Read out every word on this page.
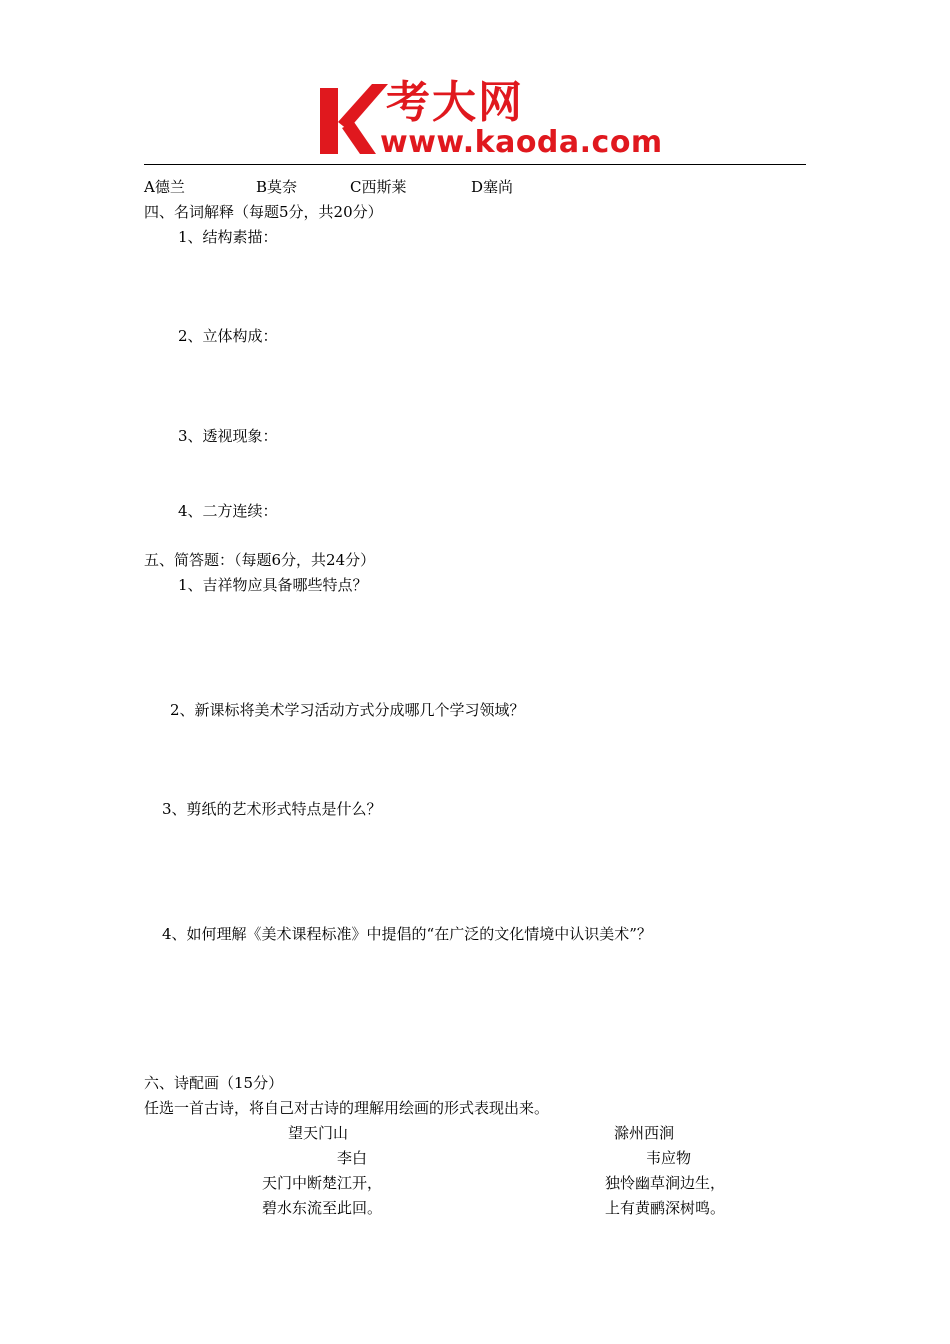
考大网
www.kaoda.com
A德兰	B莫奈	C西斯莱	D塞尚
四、名词解释（每题5分，共20分）
1、结构素描：
2、立体构成：
3、透视现象：
4、二方连续：
五、简答题：（每题6分，共24分）
1、吉祥物应具备哪些特点？
2、新课标将美术学习活动方式分成哪几个学习领域？
3、剪纸的艺术形式特点是什么？
4、如何理解《美术课程标准》中提倡的“在广泛的文化情境中认识美术”？
六、诗配画（15分）
任选一首古诗，将自己对古诗的理解用绘画的形式表现出来。
望天门山
李白
天门中断楚江开，
碧水东流至此回。
滁州西涧
韦应物
独怜幽草涧边生，
上有黄鹂深树鸣。
